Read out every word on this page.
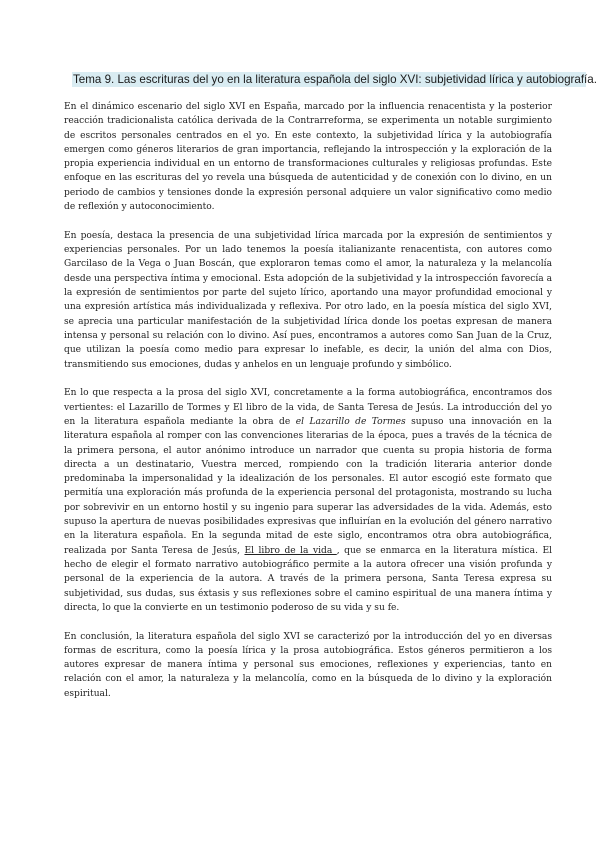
Tema 9. Las escrituras del yo en la literatura española del siglo XVI: subjetividad lírica y autobiografía.

En el dinámico escenario del siglo XVI en España, marcado por la influencia renacentista y la posterior reacción tradicionalista católica derivada de la Contrarreforma, se experimenta un notable surgimiento de escritos personales centrados en el yo. En este contexto, la subjetividad lírica y la autobiografía emergen como géneros literarios de gran importancia, reflejando la introspección y la exploración de la propia experiencia individual en un entorno de transformaciones culturales y religiosas profundas. Este enfoque en las escrituras del yo revela una búsqueda de autenticidad y de conexión con lo divino, en un periodo de cambios y tensiones donde la expresión personal adquiere un valor significativo como medio de reflexión y autoconocimiento.

En poesía, destaca la presencia de una subjetividad lírica marcada por la expresión de sentimientos y experiencias personales. Por un lado tenemos la poesía italianizante renacentista, con autores como Garcilaso de la Vega o Juan Boscán, que exploraron temas como el amor, la naturaleza y la melancolía desde una perspectiva íntima y emocional. Esta adopción de la subjetividad y la introspección favorecía a la expresión de sentimientos por parte del sujeto lírico, aportando una mayor profundidad emocional y una expresión artística más individualizada y reflexiva. Por otro lado, en la poesía mística del siglo XVI, se aprecia una particular manifestación de la subjetividad lírica donde los poetas expresan de manera intensa y personal su relación con lo divino. Así pues, encontramos a autores como San Juan de la Cruz, que utilizan la poesía como medio para expresar lo inefable, es decir, la unión del alma con Dios, transmitiendo sus emociones, dudas y anhelos en un lenguaje profundo y simbólico.

En lo que respecta a la prosa del siglo XVI, concretamente a la forma autobiográfica, encontramos dos vertientes: el Lazarillo de Tormes y El libro de la vida, de Santa Teresa de Jesús. La introducción del yo en la literatura española mediante la obra de el Lazarillo de Tormes supuso una innovación en la literatura española al romper con las convenciones literarias de la época, pues a través de la técnica de la primera persona, el autor anónimo introduce un narrador que cuenta su propia historia de forma directa a un destinatario, Vuestra merced, rompiendo con la tradición literaria anterior donde predominaba la impersonalidad y la idealización de los personales. El autor escogió este formato que permitía una exploración más profunda de la experiencia personal del protagonista, mostrando su lucha por sobrevivir en un entorno hostil y su ingenio para superar las adversidades de la vida. Además, esto supuso la apertura de nuevas posibilidades expresivas que influirían en la evolución del género narrativo en la literatura española. En la segunda mitad de este siglo, encontramos otra obra autobiográfica, realizada por Santa Teresa de Jesús, El libro de la vida , que se enmarca en la literatura mística. El hecho de elegir el formato narrativo autobiográfico permite a la autora ofrecer una visión profunda y personal de la experiencia de la autora. A través de la primera persona, Santa Teresa expresa su subjetividad, sus dudas, sus éxtasis y sus reflexiones sobre el camino espiritual de una manera íntima y directa, lo que la convierte en un testimonio poderoso de su vida y su fe.

En conclusión, la literatura española del siglo XVI se caracterizó por la introducción del yo en diversas formas de escritura, como la poesía lírica y la prosa autobiográfica. Estos géneros permitieron a los autores expresar de manera íntima y personal sus emociones, reflexiones y experiencias, tanto en relación con el amor, la naturaleza y la melancolía, como en la búsqueda de lo divino y la exploración espiritual.
